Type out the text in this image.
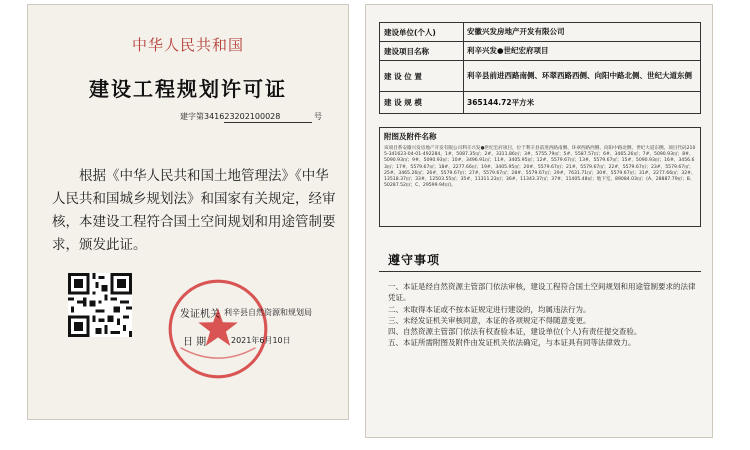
中华人民共和国
建设工程规划许可证
建字第341623202100028	号

根据《中华人民共和国土地管理法》《中华人民共和国城乡规划法》和国家有关规定，经审核，本建设工程符合国土空间规划和用途管制要求，颁发此证。

发证机关 利辛县自然资源和规划局
日 期	2021年6月10日
建设单位(个人)	安徽兴发房地产开发有限公司
建设项目名称	利辛兴发●世纪宏府项目
建 设 位 置	利辛县前进西路南侧、环翠西路西侧、向阳中路北侧、世纪大道东侧
建 设 规 模	365144.72平方米
附图及附件名称
该项目系安徽兴发房地产开发有限公司利辛兴发●世纪宏府项目，位于利辛县前进西路南侧、环翠西路西侧、向阳中路北侧、世纪大道东侧。项目代码2105-341623-04-01-492284。1#、5087.35㎡；2#、3311.86㎡；3#、5755.79㎡；5#、5587.57㎡；6#、3465.26㎡；7#、5090.93㎡；8#、5090.93㎡；9#、5090.93㎡；10#、3496.91㎡；11#、3405.95㎡；12#、5579.67㎡；13#、5579.67㎡；15#、5090.93㎡；16#、3456.63㎡；17#、5579.67㎡；18#、2277.66㎡；19#、3405.95㎡；20#、5579.67㎡；21#、5579.67㎡；22#、5579.67㎡；23#、5579.67㎡；25#、3465.26㎡；26#、5579.67㎡；27#、5579.67㎡；28#、5579.67㎡；29#、7631.71㎡；30#、5579.67㎡；31#、2277.66㎡；32#、13518.37㎡；33#、12503.55㎡；35#、11311.23㎡；36#、11343.37㎡；37#、11405.48㎡；地下室、89084.03㎡；(A、28887.79㎡；B、50287.52㎡；C、29599.94㎡)。
遵守事项
一、本证是经自然资源主管部门依法审核，建设工程符合国土空间规划和用途管制要求的法律凭证。
二、未取得本证或不按本证规定进行建设的，均属违法行为。
三、未经发证机关审核同意，本证的各项规定不得随意变更。
四、自然资源主管部门依法有权查验本证，建设单位(个人)有责任提交查验。
五、本证所需附图及附件由发证机关依法确定，与本证具有同等法律效力。
